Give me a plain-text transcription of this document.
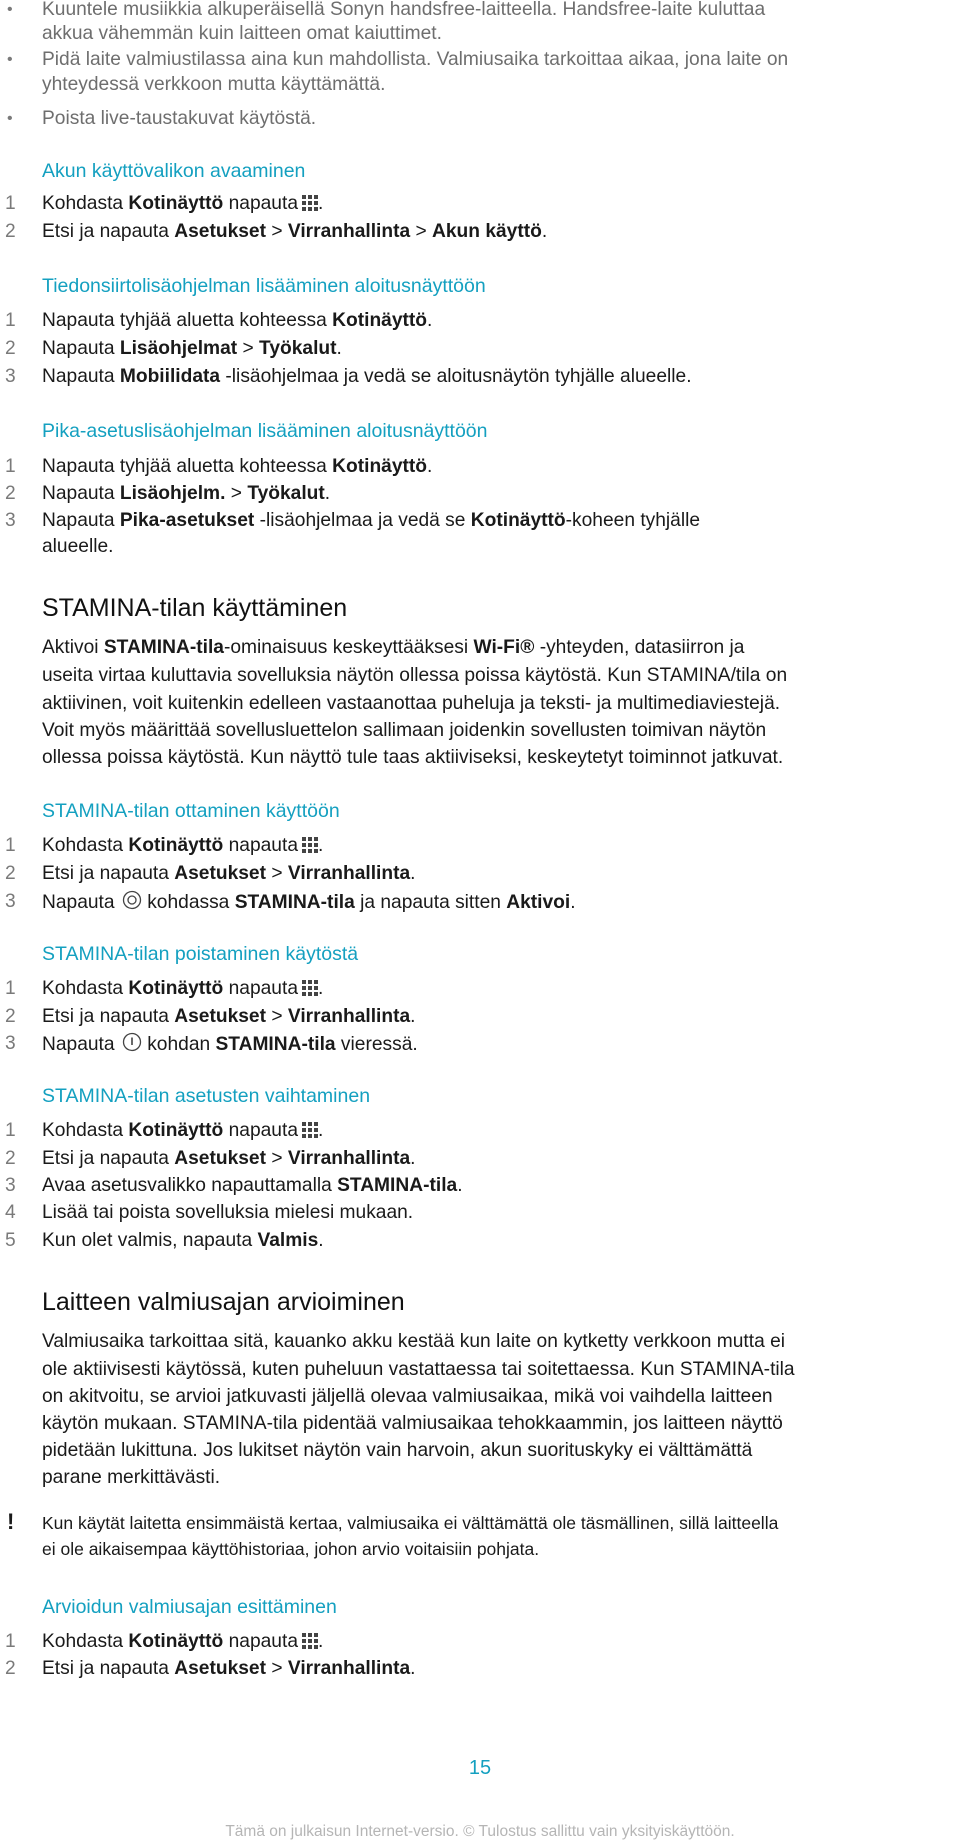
• Kuuntele musiikkia alkuperäisellä Sonyn handsfree-laitteella. Handsfree-laite kuluttaa
akkua vähemmän kuin laitteen omat kaiuttimet.
• Pidä laite valmiustilassa aina kun mahdollista. Valmiusaika tarkoittaa aikaa, jona laite on
yhteydessä verkkoon mutta käyttämättä.
• Poista live-taustakuvat käytöstä.
Akun käyttövalikon avaaminen
1 Kohdasta Kotinäyttö napauta .
2 Etsi ja napauta Asetukset > Virranhallinta > Akun käyttö.
Tiedonsiirtolisäohjelman lisääminen aloitusnäyttöön
1 Napauta tyhjää aluetta kohteessa Kotinäyttö.
2 Napauta Lisäohjelmat > Työkalut.
3 Napauta Mobiilidata -lisäohjelmaa ja vedä se aloitusnäytön tyhjälle alueelle.
Pika-asetuslisäohjelman lisääminen aloitusnäyttöön
1 Napauta tyhjää aluetta kohteessa Kotinäyttö.
2 Napauta Lisäohjelm. > Työkalut.
3 Napauta Pika-asetukset -lisäohjelmaa ja vedä se Kotinäyttö-koheen tyhjälle
alueelle.
STAMINA-tilan käyttäminen
Aktivoi STAMINA-tila-ominaisuus keskeyttääksesi Wi-Fi® -yhteyden, datasiirron ja
useita virtaa kuluttavia sovelluksia näytön ollessa poissa käytöstä. Kun STAMINA/tila on
aktiivinen, voit kuitenkin edelleen vastaanottaa puheluja ja teksti- ja multimediaviestejä.
Voit myös määrittää sovellusluettelon sallimaan joidenkin sovellusten toimivan näytön
ollessa poissa käytöstä. Kun näyttö tule taas aktiiviseksi, keskeytetyt toiminnot jatkuvat.
STAMINA-tilan ottaminen käyttöön
1 Kohdasta Kotinäyttö napauta .
2 Etsi ja napauta Asetukset > Virranhallinta.
3 Napauta  kohdassa STAMINA-tila ja napauta sitten Aktivoi.
STAMINA-tilan poistaminen käytöstä
1 Kohdasta Kotinäyttö napauta .
2 Etsi ja napauta Asetukset > Virranhallinta.
3 Napauta  kohdan STAMINA-tila vieressä.
STAMINA-tilan asetusten vaihtaminen
1 Kohdasta Kotinäyttö napauta .
2 Etsi ja napauta Asetukset > Virranhallinta.
3 Avaa asetusvalikko napauttamalla STAMINA-tila.
4 Lisää tai poista sovelluksia mielesi mukaan.
5 Kun olet valmis, napauta Valmis.
Laitteen valmiusajan arvioiminen
Valmiusaika tarkoittaa sitä, kauanko akku kestää kun laite on kytketty verkkoon mutta ei
ole aktiivisesti käytössä, kuten puheluun vastattaessa tai soitettaessa. Kun STAMINA-tila
on akitvoitu, se arvioi jatkuvasti jäljellä olevaa valmiusaikaa, mikä voi vaihdella laitteen
käytön mukaan. STAMINA-tila pidentää valmiusaikaa tehokkaammin, jos laitteen näyttö
pidetään lukittuna. Jos lukitset näytön vain harvoin, akun suorituskyky ei välttämättä
parane merkittävästi.
! Kun käytät laitetta ensimmäistä kertaa, valmiusaika ei välttämättä ole täsmällinen, sillä laitteella
ei ole aikaisempaa käyttöhistoriaa, johon arvio voitaisiin pohjata.
Arvioidun valmiusajan esittäminen
1 Kohdasta Kotinäyttö napauta .
2 Etsi ja napauta Asetukset > Virranhallinta.
15
Tämä on julkaisun Internet-versio. © Tulostus sallittu vain yksityiskäyttöön.
